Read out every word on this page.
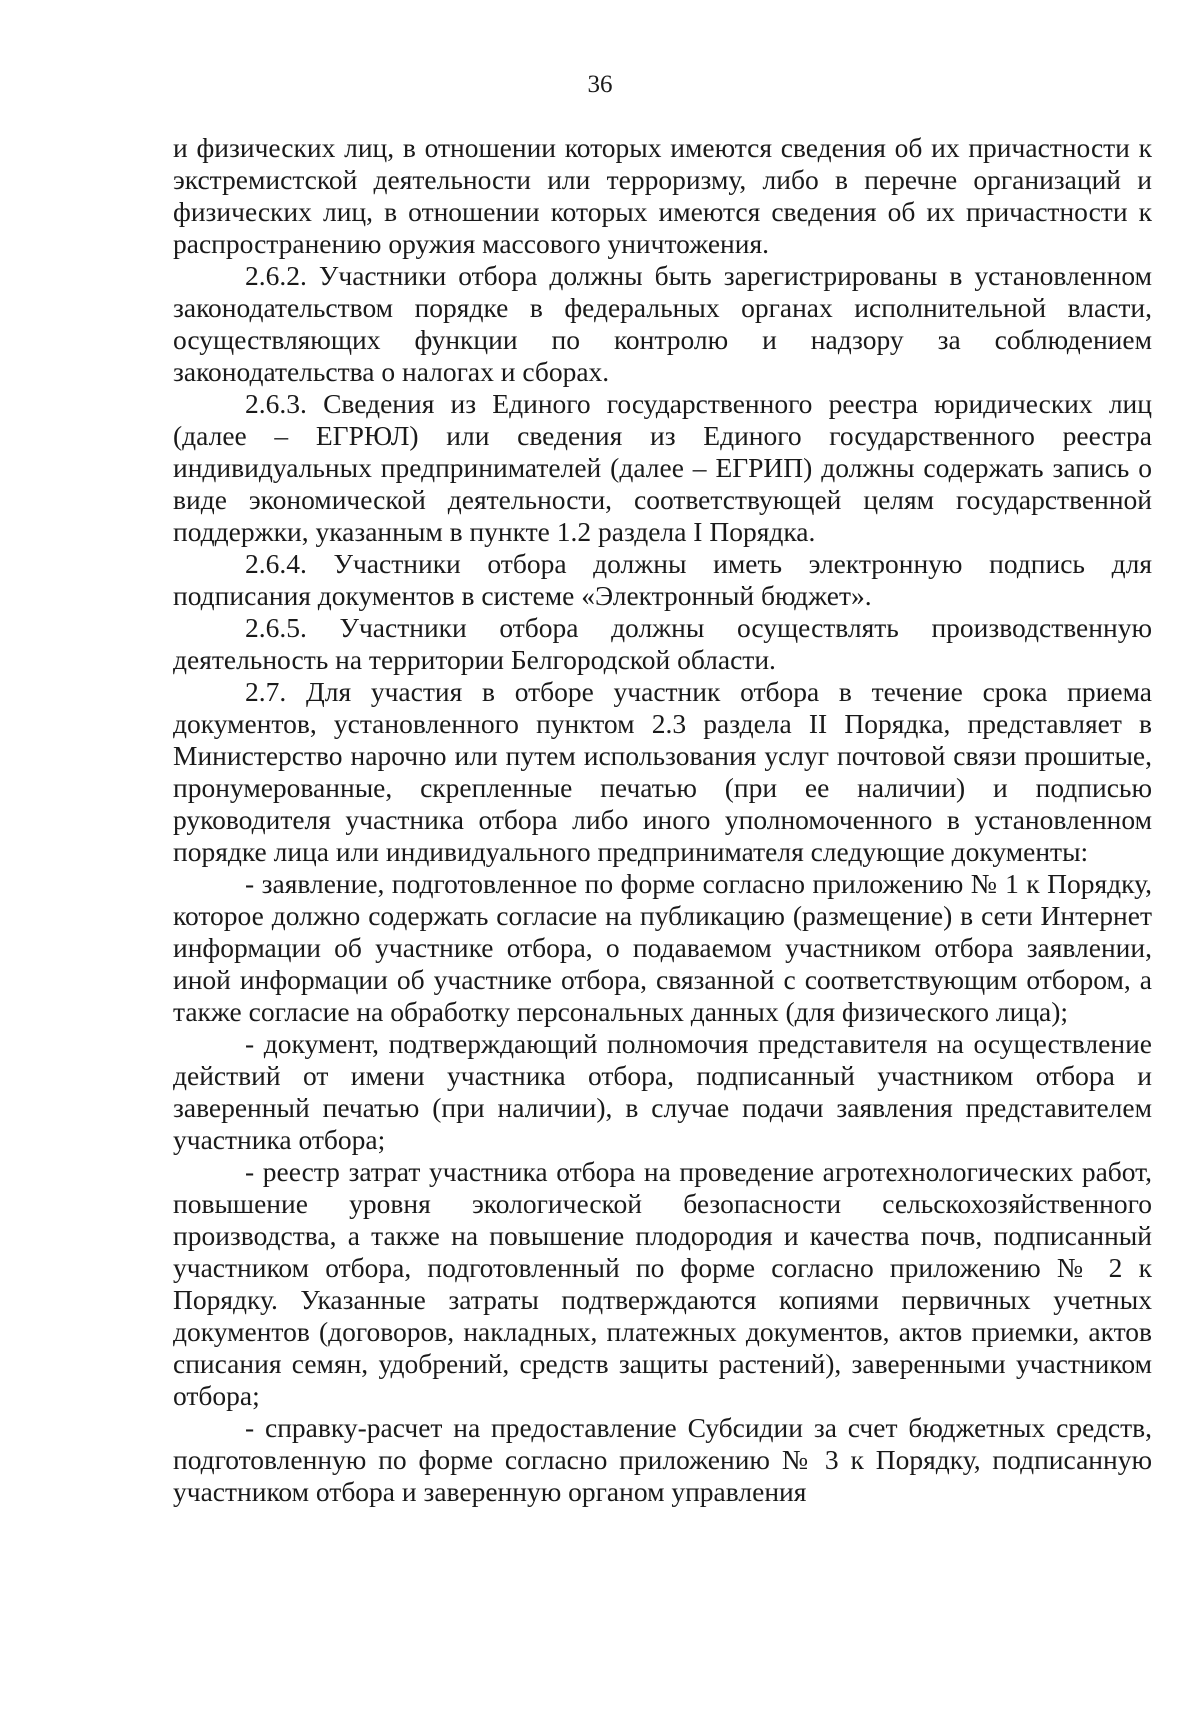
36

и физических лиц, в отношении которых имеются сведения об их причастности к экстремистской деятельности или терроризму, либо в перечне организаций и физических лиц, в отношении которых имеются сведения об их причастности к распространению оружия массового уничтожения.

2.6.2. Участники отбора должны быть зарегистрированы в установленном законодательством порядке в федеральных органах исполнительной власти, осуществляющих функции по контролю и надзору за соблюдением законодательства о налогах и сборах.

2.6.3. Сведения из Единого государственного реестра юридических лиц (далее – ЕГРЮЛ) или сведения из Единого государственного реестра индивидуальных предпринимателей (далее – ЕГРИП) должны содержать запись о виде экономической деятельности, соответствующей целям государственной поддержки, указанным в пункте 1.2 раздела I Порядка.

2.6.4. Участники отбора должны иметь электронную подпись для подписания документов в системе «Электронный бюджет».

2.6.5. Участники отбора должны осуществлять производственную деятельность на территории Белгородской области.

2.7. Для участия в отборе участник отбора в течение срока приема документов, установленного пунктом 2.3 раздела II Порядка, представляет в Министерство нарочно или путем использования услуг почтовой связи прошитые, пронумерованные, скрепленные печатью (при ее наличии) и подписью руководителя участника отбора либо иного уполномоченного в установленном порядке лица или индивидуального предпринимателя следующие документы:

- заявление, подготовленное по форме согласно приложению № 1 к Порядку, которое должно содержать согласие на публикацию (размещение) в сети Интернет информации об участнике отбора, о подаваемом участником отбора заявлении, иной информации об участнике отбора, связанной с соответствующим отбором, а также согласие на обработку персональных данных (для физического лица);

- документ, подтверждающий полномочия представителя на осуществление действий от имени участника отбора, подписанный участником отбора и заверенный печатью (при наличии), в случае подачи заявления представителем участника отбора;

- реестр затрат участника отбора на проведение агротехнологических работ, повышение уровня экологической безопасности сельскохозяйственного производства, а также на повышение плодородия и качества почв, подписанный участником отбора, подготовленный по форме согласно приложению № 2 к Порядку. Указанные затраты подтверждаются копиями первичных учетных документов (договоров, накладных, платежных документов, актов приемки, актов списания семян, удобрений, средств защиты растений), заверенными участником отбора;

- справку-расчет на предоставление Субсидии за счет бюджетных средств, подготовленную по форме согласно приложению № 3 к Порядку, подписанную участником отбора и заверенную органом управления
